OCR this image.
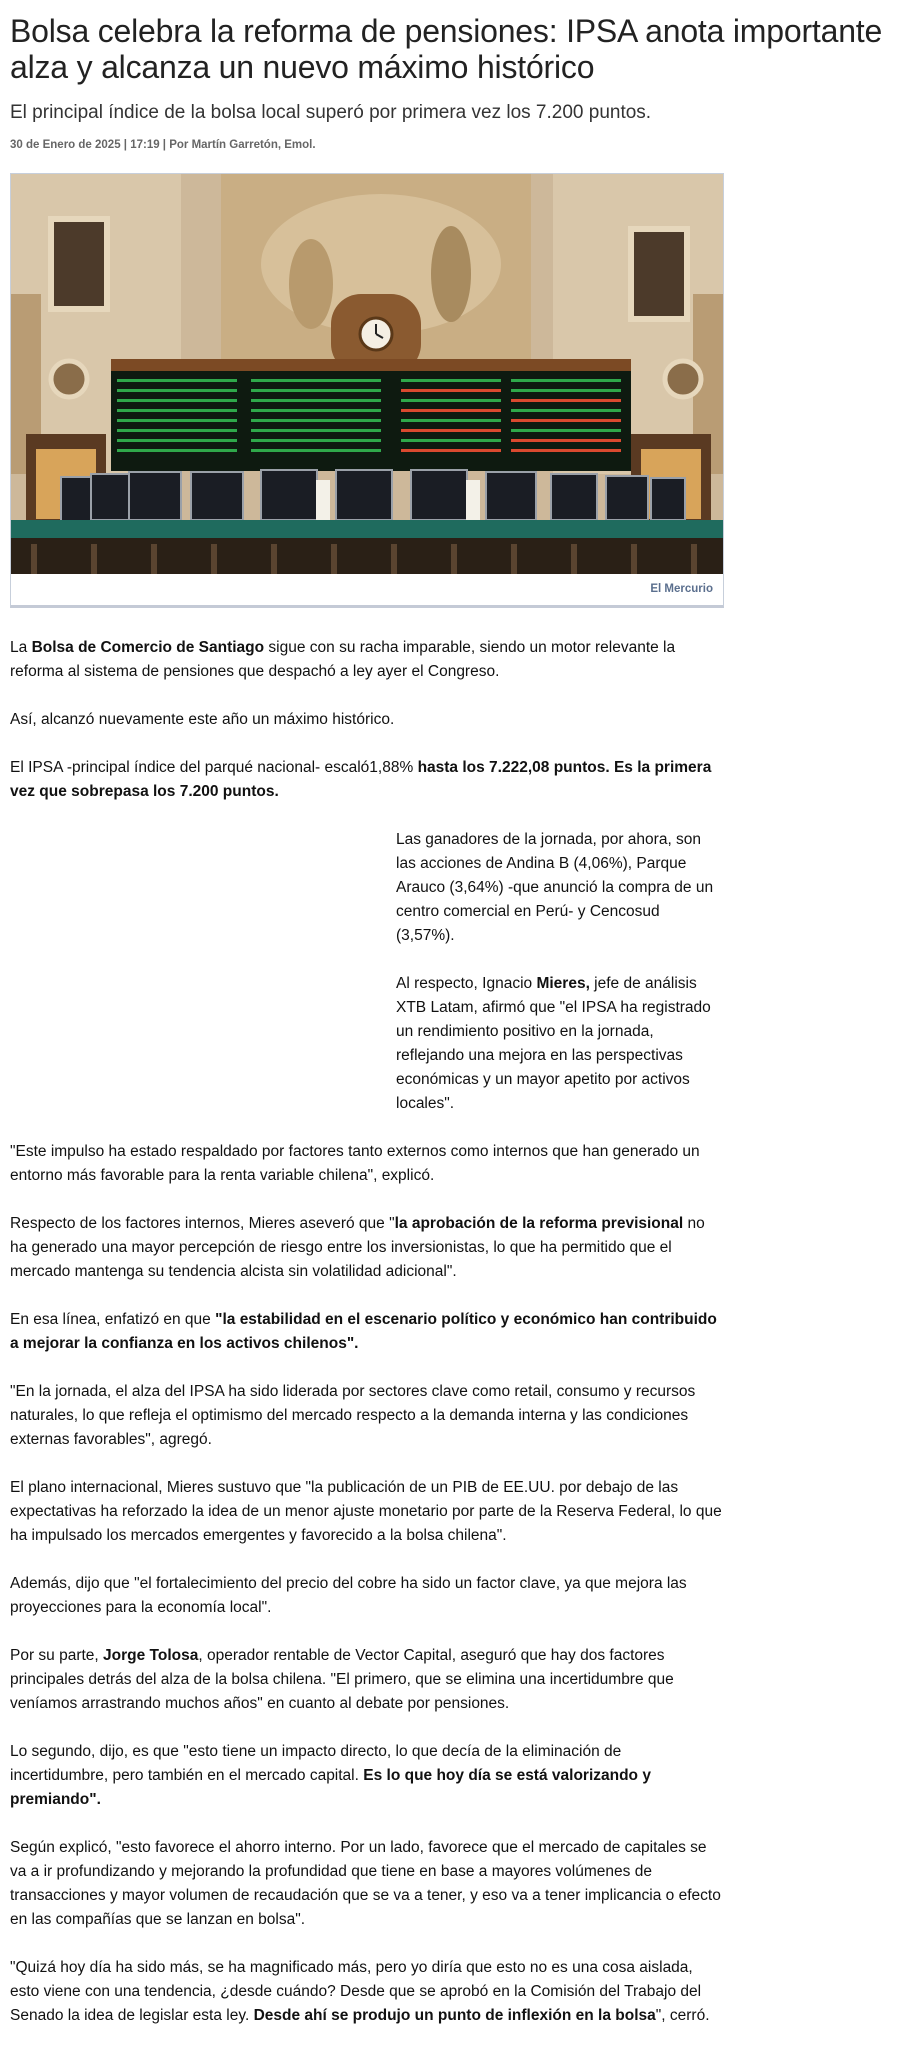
Bolsa celebra la reforma de pensiones: IPSA anota importante alza y alcanza un nuevo máximo histórico
El principal índice de la bolsa local superó por primera vez los 7.200 puntos.
30 de Enero de 2025 | 17:19 | Por Martín Garretón, Emol.
El Mercurio

La Bolsa de Comercio de Santiago sigue con su racha imparable, siendo un motor relevante la reforma al sistema de pensiones que despachó a ley ayer el Congreso.

Así, alcanzó nuevamente este año un máximo histórico.

El IPSA -principal índice del parqué nacional- escaló1,88% hasta los 7.222,08 puntos. Es la primera vez que sobrepasa los 7.200 puntos.

Las ganadores de la jornada, por ahora, son las acciones de Andina B (4,06%), Parque Arauco (3,64%) -que anunció la compra de un centro comercial en Perú- y Cencosud (3,57%).

Al respecto, Ignacio Mieres, jefe de análisis XTB Latam, afirmó que "el IPSA ha registrado un rendimiento positivo en la jornada, reflejando una mejora en las perspectivas económicas y un mayor apetito por activos locales".

"Este impulso ha estado respaldado por factores tanto externos como internos que han generado un entorno más favorable para la renta variable chilena", explicó.

Respecto de los factores internos, Mieres aseveró que "la aprobación de la reforma previsional no ha generado una mayor percepción de riesgo entre los inversionistas, lo que ha permitido que el mercado mantenga su tendencia alcista sin volatilidad adicional".

En esa línea, enfatizó en que "la estabilidad en el escenario político y económico han contribuido a mejorar la confianza en los activos chilenos".

"En la jornada, el alza del IPSA ha sido liderada por sectores clave como retail, consumo y recursos naturales, lo que refleja el optimismo del mercado respecto a la demanda interna y las condiciones externas favorables", agregó.

El plano internacional, Mieres sustuvo que "la publicación de un PIB de EE.UU. por debajo de las expectativas ha reforzado la idea de un menor ajuste monetario por parte de la Reserva Federal, lo que ha impulsado los mercados emergentes y favorecido a la bolsa chilena".

Además, dijo que "el fortalecimiento del precio del cobre ha sido un factor clave, ya que mejora las proyecciones para la economía local".

Por su parte, Jorge Tolosa, operador rentable de Vector Capital, aseguró que hay dos factores principales detrás del alza de la bolsa chilena. "El primero, que se elimina una incertidumbre que veníamos arrastrando muchos años" en cuanto al debate por pensiones.

Lo segundo, dijo, es que "esto tiene un impacto directo, lo que decía de la eliminación de incertidumbre, pero también en el mercado capital. Es lo que hoy día se está valorizando y premiando".

Según explicó, "esto favorece el ahorro interno. Por un lado, favorece que el mercado de capitales se va a ir profundizando y mejorando la profundidad que tiene en base a mayores volúmenes de transacciones y mayor volumen de recaudación que se va a tener, y eso va a tener implicancia o efecto en las compañías que se lanzan en bolsa".

"Quizá hoy día ha sido más, se ha magnificado más, pero yo diría que esto no es una cosa aislada, esto viene con una tendencia, ¿desde cuándo? Desde que se aprobó en la Comisión del Trabajo del Senado la idea de legislar esta ley. Desde ahí se produjo un punto de inflexión en la bolsa", cerró.
